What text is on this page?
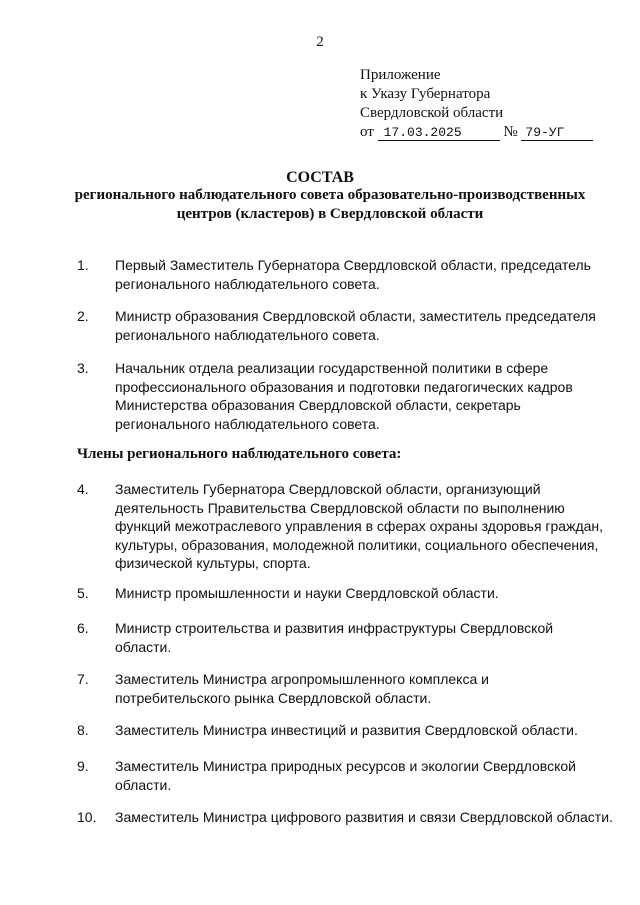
2
Приложение
к Указу Губернатора
Свердловской области
от 17.03.2025	№ 79-УГ
СОСТАВ
регионального наблюдательного совета образовательно-производственных
центров (кластеров) в Свердловской области
1. Первый Заместитель Губернатора Свердловской области, председатель
регионального наблюдательного совета.
2. Министр образования Свердловской области, заместитель председателя
регионального наблюдательного совета.
3. Начальник отдела реализации государственной политики в сфере
профессионального образования и подготовки педагогических кадров
Министерства образования Свердловской области, секретарь
регионального наблюдательного совета.
Члены регионального наблюдательного совета:
4. Заместитель Губернатора Свердловской области, организующий
деятельность Правительства Свердловской области по выполнению
функций межотраслевого управления в сферах охраны здоровья граждан,
культуры, образования, молодежной политики, социального обеспечения,
физической культуры, спорта.
5. Министр промышленности и науки Свердловской области.
6. Министр строительства и развития инфраструктуры Свердловской
области.
7. Заместитель Министра агропромышленного комплекса и
потребительского рынка Свердловской области.
8. Заместитель Министра инвестиций и развития Свердловской области.
9. Заместитель Министра природных ресурсов и экологии Свердловской
области.
10. Заместитель Министра цифрового развития и связи Свердловской области.
